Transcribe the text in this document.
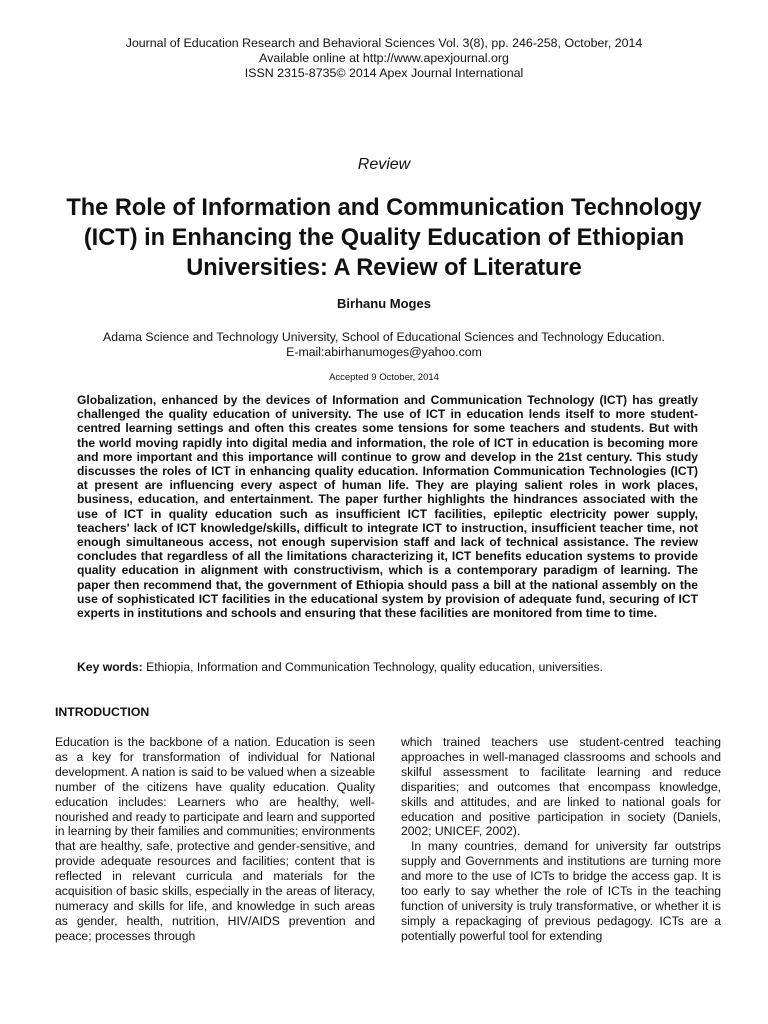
Journal of Education Research and Behavioral Sciences Vol. 3(8), pp. 246-258, October, 2014
Available online at http://www.apexjournal.org
ISSN 2315-8735© 2014 Apex Journal International
Review
The Role of Information and Communication Technology (ICT) in Enhancing the Quality Education of Ethiopian Universities: A Review of Literature
Birhanu Moges
Adama Science and Technology University, School of Educational Sciences and Technology Education.
E-mail:abirhanumoges@yahoo.com
Accepted 9 October, 2014
Globalization, enhanced by the devices of Information and Communication Technology (ICT) has greatly challenged the quality education of university. The use of ICT in education lends itself to more student-centred learning settings and often this creates some tensions for some teachers and students. But with the world moving rapidly into digital media and information, the role of ICT in education is becoming more and more important and this importance will continue to grow and develop in the 21st century. This study discusses the roles of ICT in enhancing quality education. Information Communication Technologies (ICT) at present are influencing every aspect of human life. They are playing salient roles in work places, business, education, and entertainment. The paper further highlights the hindrances associated with the use of ICT in quality education such as insufficient ICT facilities, epileptic electricity power supply, teachers' lack of ICT knowledge/skills, difficult to integrate ICT to instruction, insufficient teacher time, not enough simultaneous access, not enough supervision staff and lack of technical assistance. The review concludes that regardless of all the limitations characterizing it, ICT benefits education systems to provide quality education in alignment with constructivism, which is a contemporary paradigm of learning. The paper then recommend that, the government of Ethiopia should pass a bill at the national assembly on the use of sophisticated ICT facilities in the educational system by provision of adequate fund, securing of ICT experts in institutions and schools and ensuring that these facilities are monitored from time to time.
Key words: Ethiopia, Information and Communication Technology, quality education, universities.
INTRODUCTION

Education is the backbone of a nation. Education is seen as a key for transformation of individual for National development. A nation is said to be valued when a sizeable number of the citizens have quality education. Quality education includes: Learners who are healthy, well-nourished and ready to participate and learn and supported in learning by their families and communities; environments that are healthy, safe, protective and gender-sensitive, and provide adequate resources and facilities; content that is reflected in relevant curricula and materials for the acquisition of basic skills, especially in the areas of literacy, numeracy and skills for life, and knowledge in such areas as gender, health, nutrition, HIV/AIDS prevention and peace; processes through

which trained teachers use student-centred teaching approaches in well-managed classrooms and schools and skilful assessment to facilitate learning and reduce disparities; and outcomes that encompass knowledge, skills and attitudes, and are linked to national goals for education and positive participation in society (Daniels, 2002; UNICEF, 2002).

In many countries, demand for university far outstrips supply and Governments and institutions are turning more and more to the use of ICTs to bridge the access gap. It is too early to say whether the role of ICTs in the teaching function of university is truly transformative, or whether it is simply a repackaging of previous pedagogy. ICTs are a potentially powerful tool for extending
